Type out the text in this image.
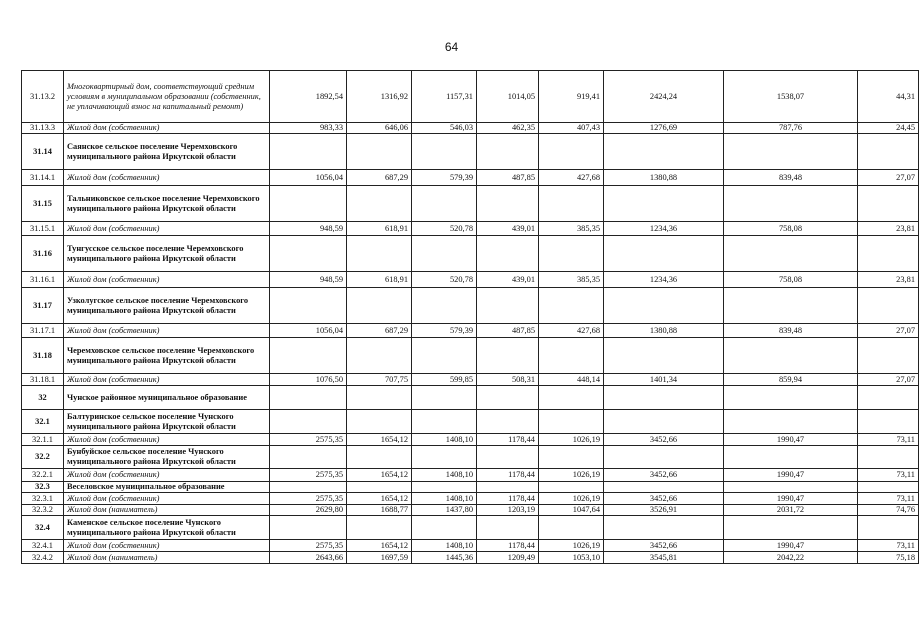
64
31.13.2	Многоквартирный дом, соответствующий средним условиям в муниципальном образовании (собственник, не уплачивающий взнос на капитальный ремонт)	1892,54	1316,92	1157,31	1014,05	919,41	2424,24	1538,07	44,31
31.13.3	Жилой дом (собственник)	983,33	646,06	546,03	462,35	407,43	1276,69	787,76	24,45
31.14	Саянское сельское поселение Черемховского муниципального района Иркутской области								
31.14.1	Жилой дом (собственник)	1056,04	687,29	579,39	487,85	427,68	1380,88	839,48	27,07
31.15	Тальниковское сельское поселение Черемховского муниципального района Иркутской области								
31.15.1	Жилой дом (собственник)	948,59	618,91	520,78	439,01	385,35	1234,36	758,08	23,81
31.16	Тунгусское сельское поселение Черемховского муниципального района Иркутской области								
31.16.1	Жилой дом (собственник)	948,59	618,91	520,78	439,01	385,35	1234,36	758,08	23,81
31.17	Узколугское сельское поселение Черемховского муниципального района Иркутской области								
31.17.1	Жилой дом (собственник)	1056,04	687,29	579,39	487,85	427,68	1380,88	839,48	27,07
31.18	Черемховское сельское поселение Черемховского муниципального района Иркутской области								
31.18.1	Жилой дом (собственник)	1076,50	707,75	599,85	508,31	448,14	1401,34	859,94	27,07
32	Чунское районное муниципальное образование								
32.1	Балтуринское сельское поселение Чунского муниципального района Иркутской области								
32.1.1	Жилой дом (собственник)	2575,35	1654,12	1408,10	1178,44	1026,19	3452,66	1990,47	73,11
32.2	Бунбуйское сельское поселение Чунского муниципального района Иркутской области								
32.2.1	Жилой дом (собственник)	2575,35	1654,12	1408,10	1178,44	1026,19	3452,66	1990,47	73,11
32.3	Веселовское муниципальное образование								
32.3.1	Жилой дом (собственник)	2575,35	1654,12	1408,10	1178,44	1026,19	3452,66	1990,47	73,11
32.3.2	Жилой дом (наниматель)	2629,80	1688,77	1437,80	1203,19	1047,64	3526,91	2031,72	74,76
32.4	Каменское сельское поселение Чунского муниципального района Иркутской области								
32.4.1	Жилой дом (собственник)	2575,35	1654,12	1408,10	1178,44	1026,19	3452,66	1990,47	73,11
32.4.2	Жилой дом (наниматель)	2643,66	1697,59	1445,36	1209,49	1053,10	3545,81	2042,22	75,18
